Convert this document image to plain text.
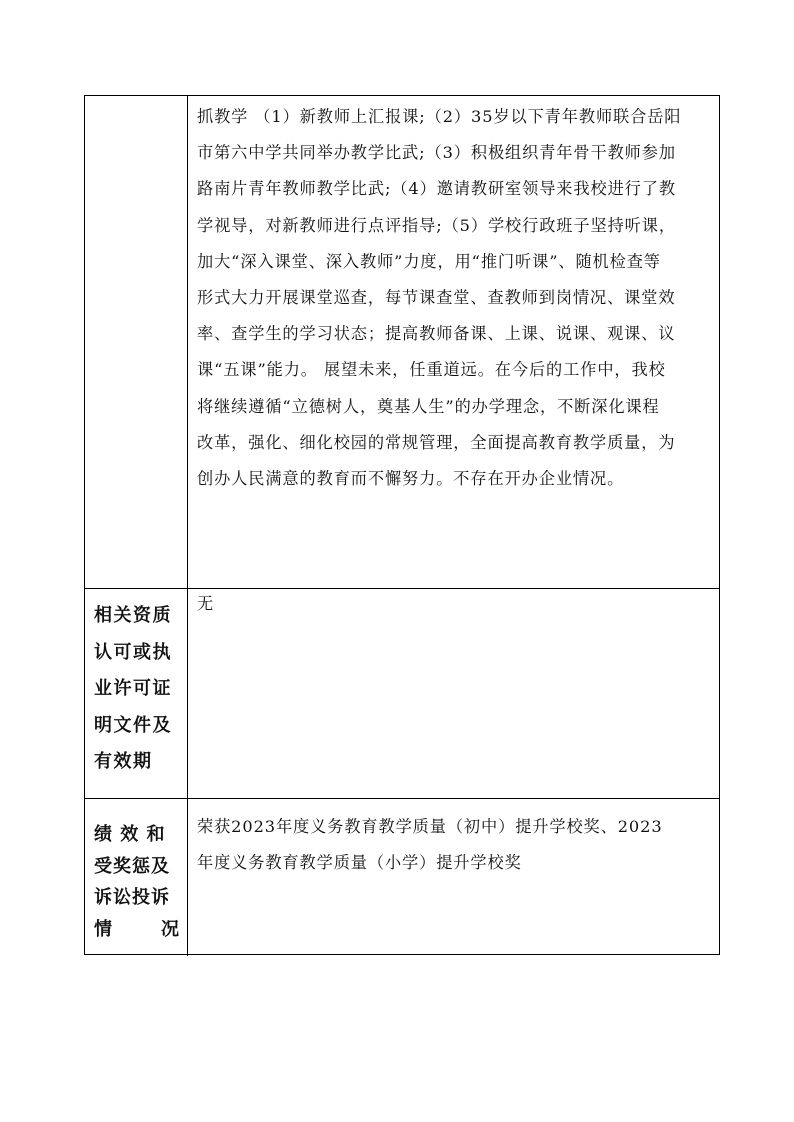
抓教学 （1）新教师上汇报课;（2）35岁以下青年教师联合岳阳
市第六中学共同举办教学比武;（3）积极组织青年骨干教师参加
路南片青年教师教学比武;（4）邀请教研室领导来我校进行了教
学视导，对新教师进行点评指导;（5）学校行政班子坚持听课，
加大“深入课堂、深入教师”力度，用“推门听课”、随机检查等
形式大力开展课堂巡查，每节课查堂、查教师到岗情况、课堂效
率、查学生的学习状态；提高教师备课、上课、说课、观课、议
课“五课”能力。 展望未来，任重道远。在今后的工作中，我校
将继续遵循“立德树人，奠基人生”的办学理念，不断深化课程
改革，强化、细化校园的常规管理，全面提高教育教学质量，为
创办人民满意的教育而不懈努力。不存在开办企业情况。
相关资质
认可或执
业许可证
明文件及
有效期
无
绩 效 和
受奖惩及
诉讼投诉
情	况
荣获2023年度义务教育教学质量（初中）提升学校奖、2023
年度义务教育教学质量（小学）提升学校奖
